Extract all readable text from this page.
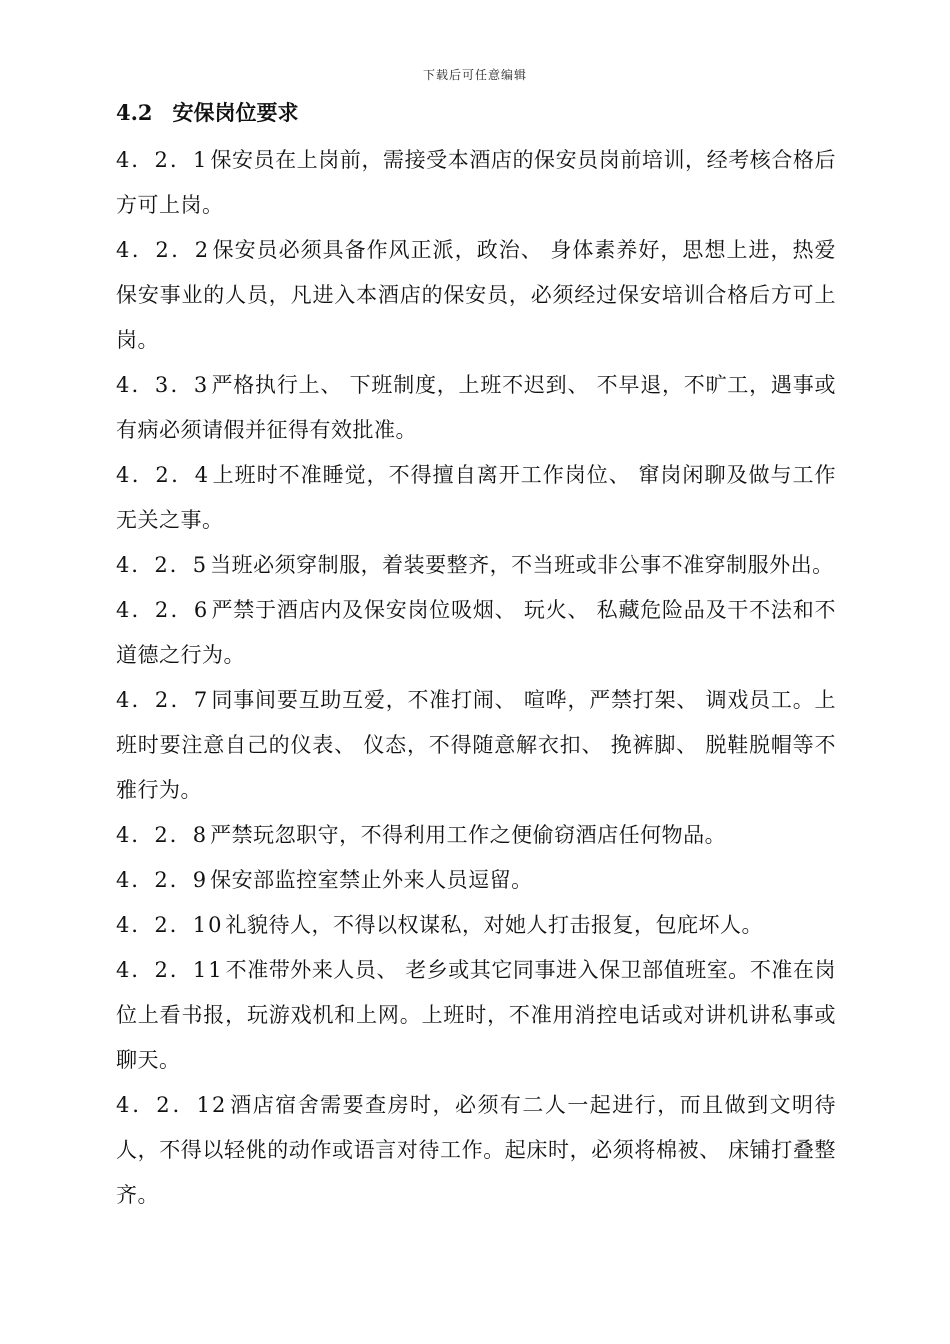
下载后可任意编辑
4.2 安保岗位要求

4．2．1保安员在上岗前，需接受本酒店的保安员岗前培训，经考核合格后方可上岗。

4．2．2保安员必须具备作风正派，政治、 身体素养好，思想上进，热爱保安事业的人员，凡进入本酒店的保安员，必须经过保安培训合格后方可上岗。

4．3．3严格执行上、 下班制度，上班不迟到、 不早退，不旷工，遇事或有病必须请假并征得有效批准。

4．2．4上班时不准睡觉，不得擅自离开工作岗位、 窜岗闲聊及做与工作无关之事。

4．2．5当班必须穿制服，着装要整齐，不当班或非公事不准穿制服外出。

4．2．6严禁于酒店内及保安岗位吸烟、 玩火、 私藏危险品及干不法和不道德之行为。

4．2．7同事间要互助互爱，不准打闹、 喧哗，严禁打架、 调戏员工。上班时要注意自己的仪表、 仪态，不得随意解衣扣、 挽裤脚、 脱鞋脱帽等不雅行为。

4．2．8严禁玩忽职守，不得利用工作之便偷窃酒店任何物品。

4．2．9保安部监控室禁止外来人员逗留。

4．2．10礼貌待人，不得以权谋私，对她人打击报复，包庇坏人。

4．2．11不准带外来人员、 老乡或其它同事进入保卫部值班室。不准在岗位上看书报，玩游戏机和上网。上班时，不准用消控电话或对讲机讲私事或聊天。

4．2．12酒店宿舍需要查房时，必须有二人一起进行，而且做到文明待人，不得以轻佻的动作或语言对待工作。起床时，必须将棉被、 床铺打叠整齐。
